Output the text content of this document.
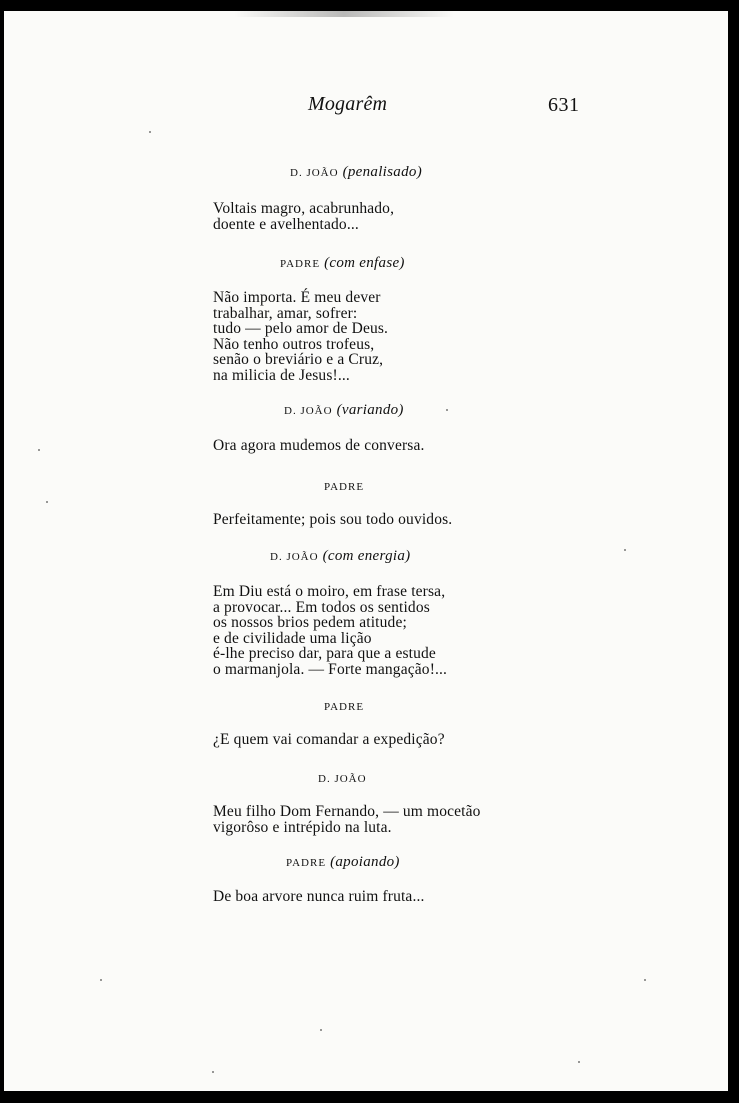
Mogarêm	631
D. JOÃO (penalisado)
Voltais magro, acabrunhado,
doente e avelhentado...
PADRE (com enfase)
Não importa. É meu dever
trabalhar, amar, sofrer:
tudo — pelo amor de Deus.
Não tenho outros trofeus,
senão o breviário e a Cruz,
na milicia de Jesus!...
D. JOÃO (variando)
Ora agora mudemos de conversa.
PADRE
Perfeitamente; pois sou todo ouvidos.
D. JOÃO (com energia)
Em Diu está o moiro, em frase tersa,
a provocar... Em todos os sentidos
os nossos brios pedem atitude;
e de civilidade uma lição
é-lhe preciso dar, para que a estude
o marmanjola. — Forte mangação!...
PADRE
¿E quem vai comandar a expedição?
D. JOÃO
Meu filho Dom Fernando, — um mocetão
vigorôso e intrépido na luta.
PADRE (apoiando)
De boa arvore nunca ruim fruta...
